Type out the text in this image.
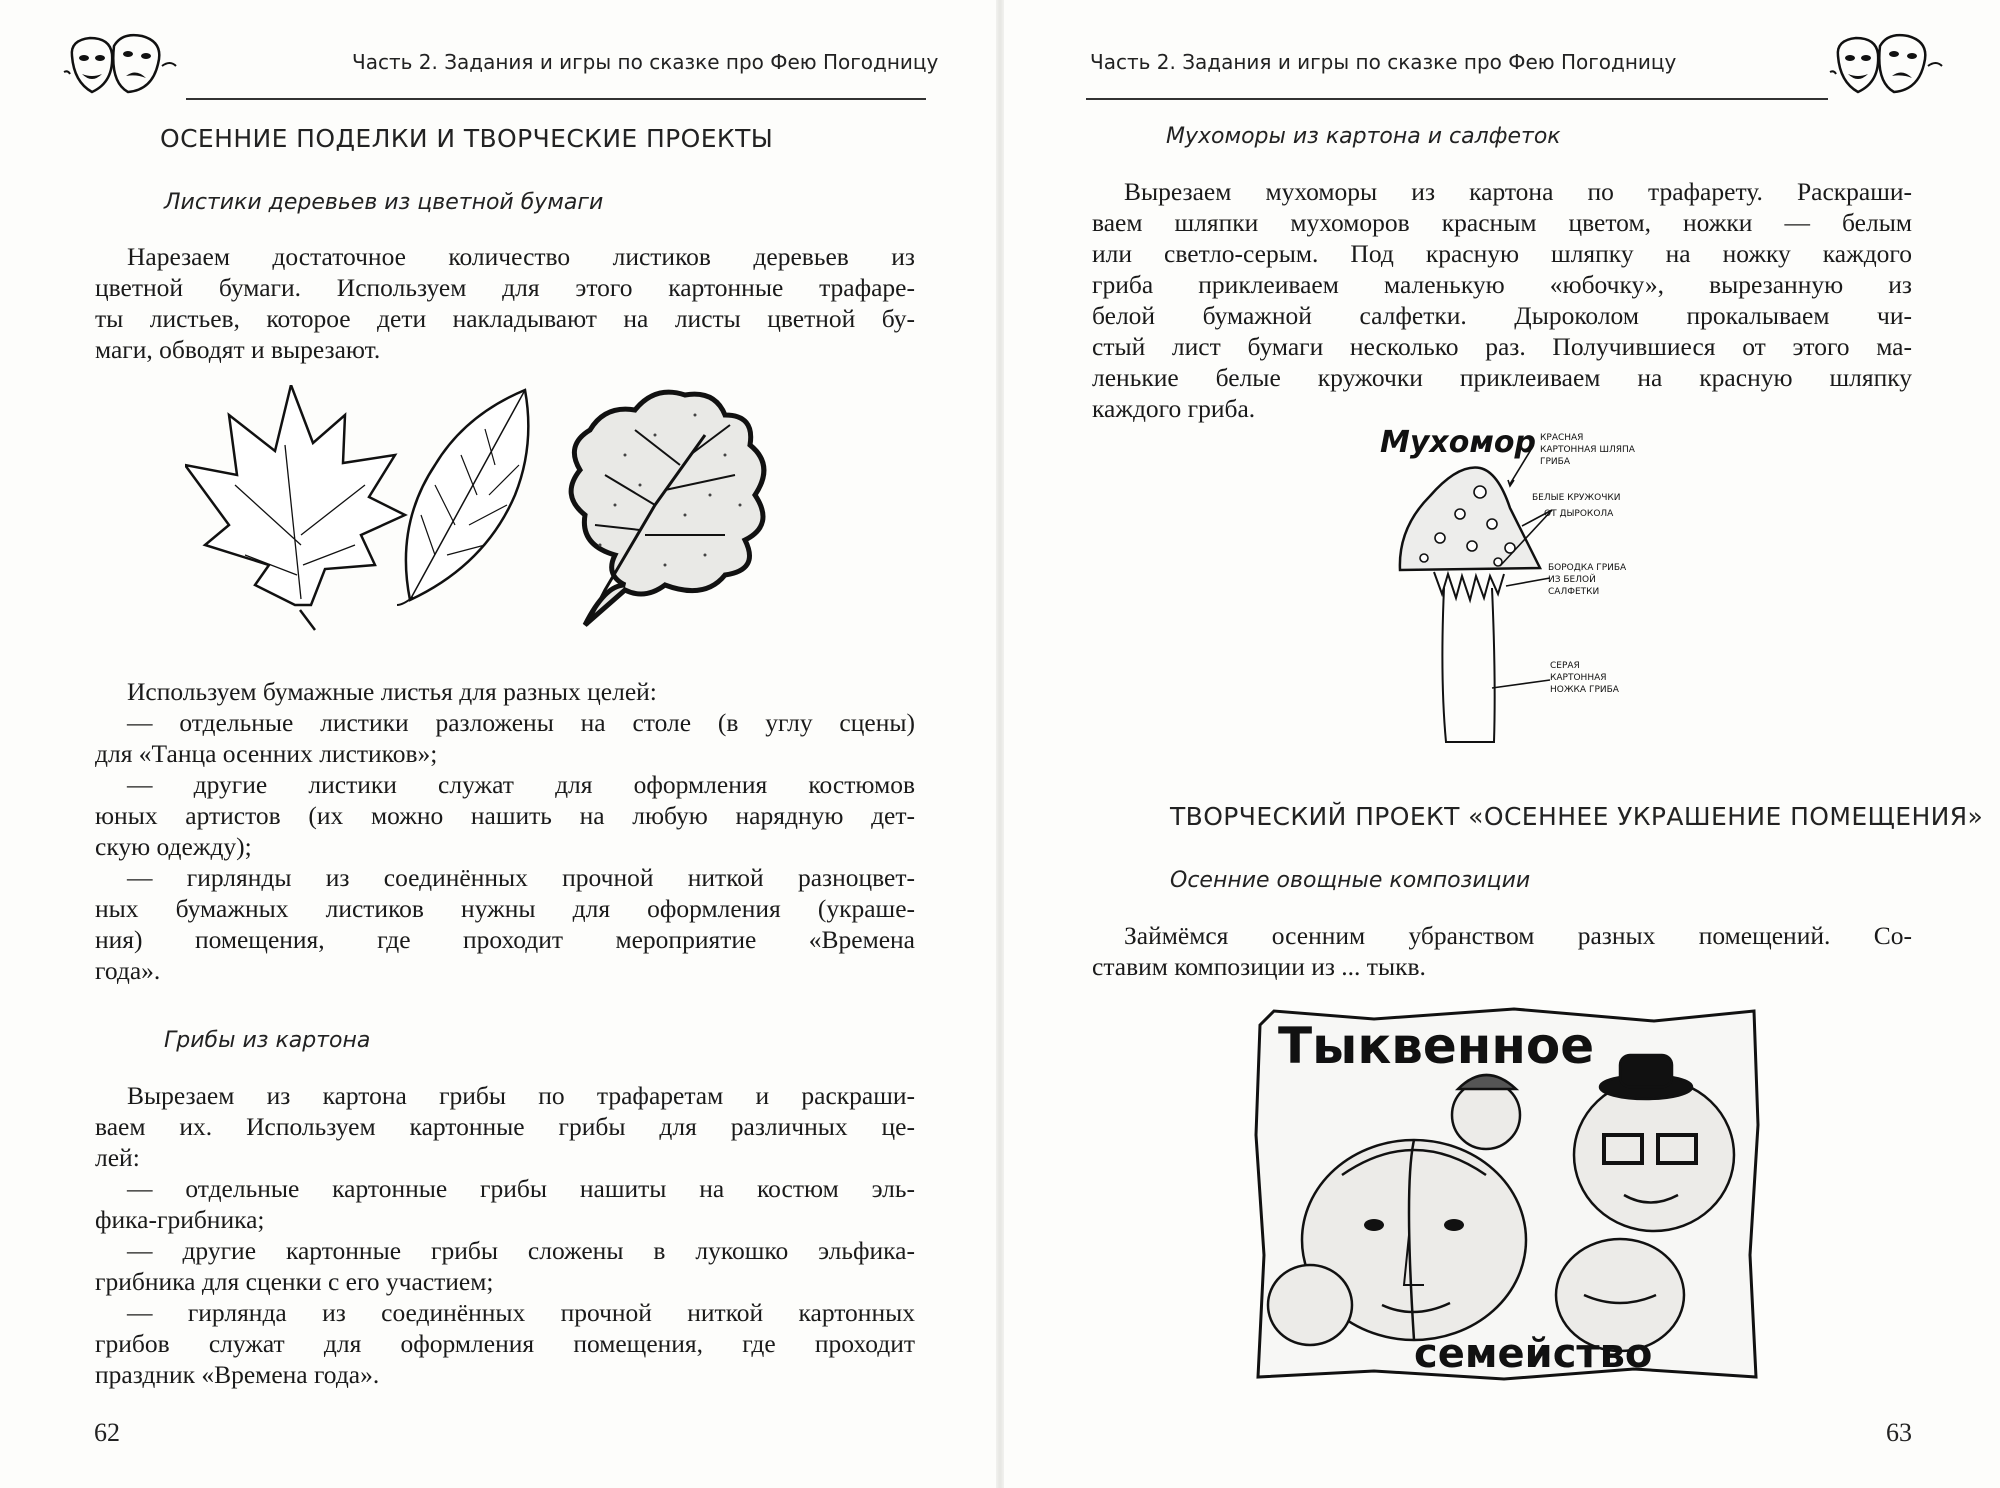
Часть 2. Задания и игры по сказке про Фею Погодницу
ОСЕННИЕ ПОДЕЛКИ И ТВОРЧЕСКИЕ ПРОЕКТЫ
Листики деревьев из цветной бумаги
Нарезаем достаточное количество листиков деревьев из
цветной бумаги. Используем для этого картонные трафаре-
ты листьев, которое дети накладывают на листы цветной бу-
маги, обводят и вырезают.
Используем бумажные листья для разных целей:
— отдельные листики разложены на столе (в углу сцены)
для «Танца осенних листиков»;
— другие листики служат для оформления костюмов
юных артистов (их можно нашить на любую нарядную дет-
скую одежду);
— гирлянды из соединённых прочной ниткой разноцвет-
ных бумажных листиков нужны для оформления (украше-
ния) помещения, где проходит мероприятие «Времена
года».
Грибы из картона
Вырезаем из картона грибы по трафаретам и раскраши-
ваем их. Используем картонные грибы для различных це-
лей:
— отдельные картонные грибы нашиты на костюм эль-
фика-грибника;
— другие картонные грибы сложены в лукошко эльфика-
грибника для сценки с его участием;
— гирлянда из соединённых прочной ниткой картонных
грибов служат для оформления помещения, где проходит
праздник «Времена года».
62
Часть 2. Задания и игры по сказке про Фею Погодницу
Мухоморы из картона и салфеток
Вырезаем мухоморы из картона по трафарету. Раскраши-
ваем шляпки мухоморов красным цветом, ножки — белым
или светло-серым. Под красную шляпку на ножку каждого
гриба приклеиваем маленькую «юбочку», вырезанную из
белой бумажной салфетки. Дыроколом прокалываем чи-
стый лист бумаги несколько раз. Получившиеся от этого ма-
ленькие белые кружочки приклеиваем на красную шляпку
каждого гриба.
Мухомор КРАСНАЯ
КАРТОННАЯ ШЛЯПА
ГРИБА
БЕЛЫЕ КРУЖОЧКИ
ОТ ДЫРОКОЛА
БОРОДКА ГРИБА
ИЗ БЕЛОЙ
САЛФЕТКИ
СЕРАЯ
КАРТОННАЯ
НОЖКА ГРИБА
ТВОРЧЕСКИЙ ПРОЕКТ «ОСЕННЕЕ УКРАШЕНИЕ ПОМЕЩЕНИЯ»
Осенние овощные композиции
Займёмся осенним убранством разных помещений. Со-
ставим композиции из ... тыкв.
Тыквенное
семейство
63
